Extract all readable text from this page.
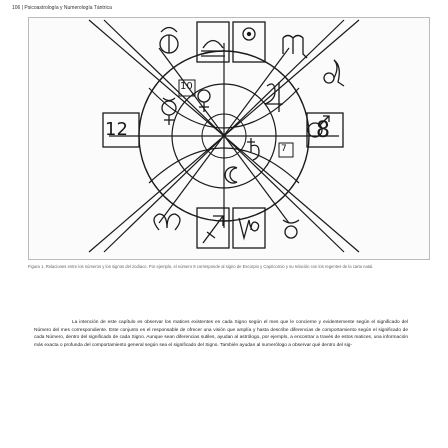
106 | Psicoastrología y Numerología Tántrica
8
12
10
7
Figura 1. Relaciones entre los números y los signos del zodiaco. Por ejemplo, el número 8 corresponde al signo de Escorpio y Capricornio y su relación con los regentes de la carta natal.

La intención de este capítulo es observar los matices existentes en cada Signo según el mes que le concierne y evidentemente según el significado del Número del mes correspondiente. Este conjunto es el responsable de ofrecer una visión que amplía y hasta describe diferencias de comportamiento según el significado de cada Número, dentro del significado de cada Signo. Aunque sean diferencias sutiles, ayudan al astrólogo, por ejemplo, a encontrar a través de estos matices, una información más exacta o profunda del comportamiento general según sea el significado del Signo. También ayudan al numerólogo a observar qué dentro del sig-
